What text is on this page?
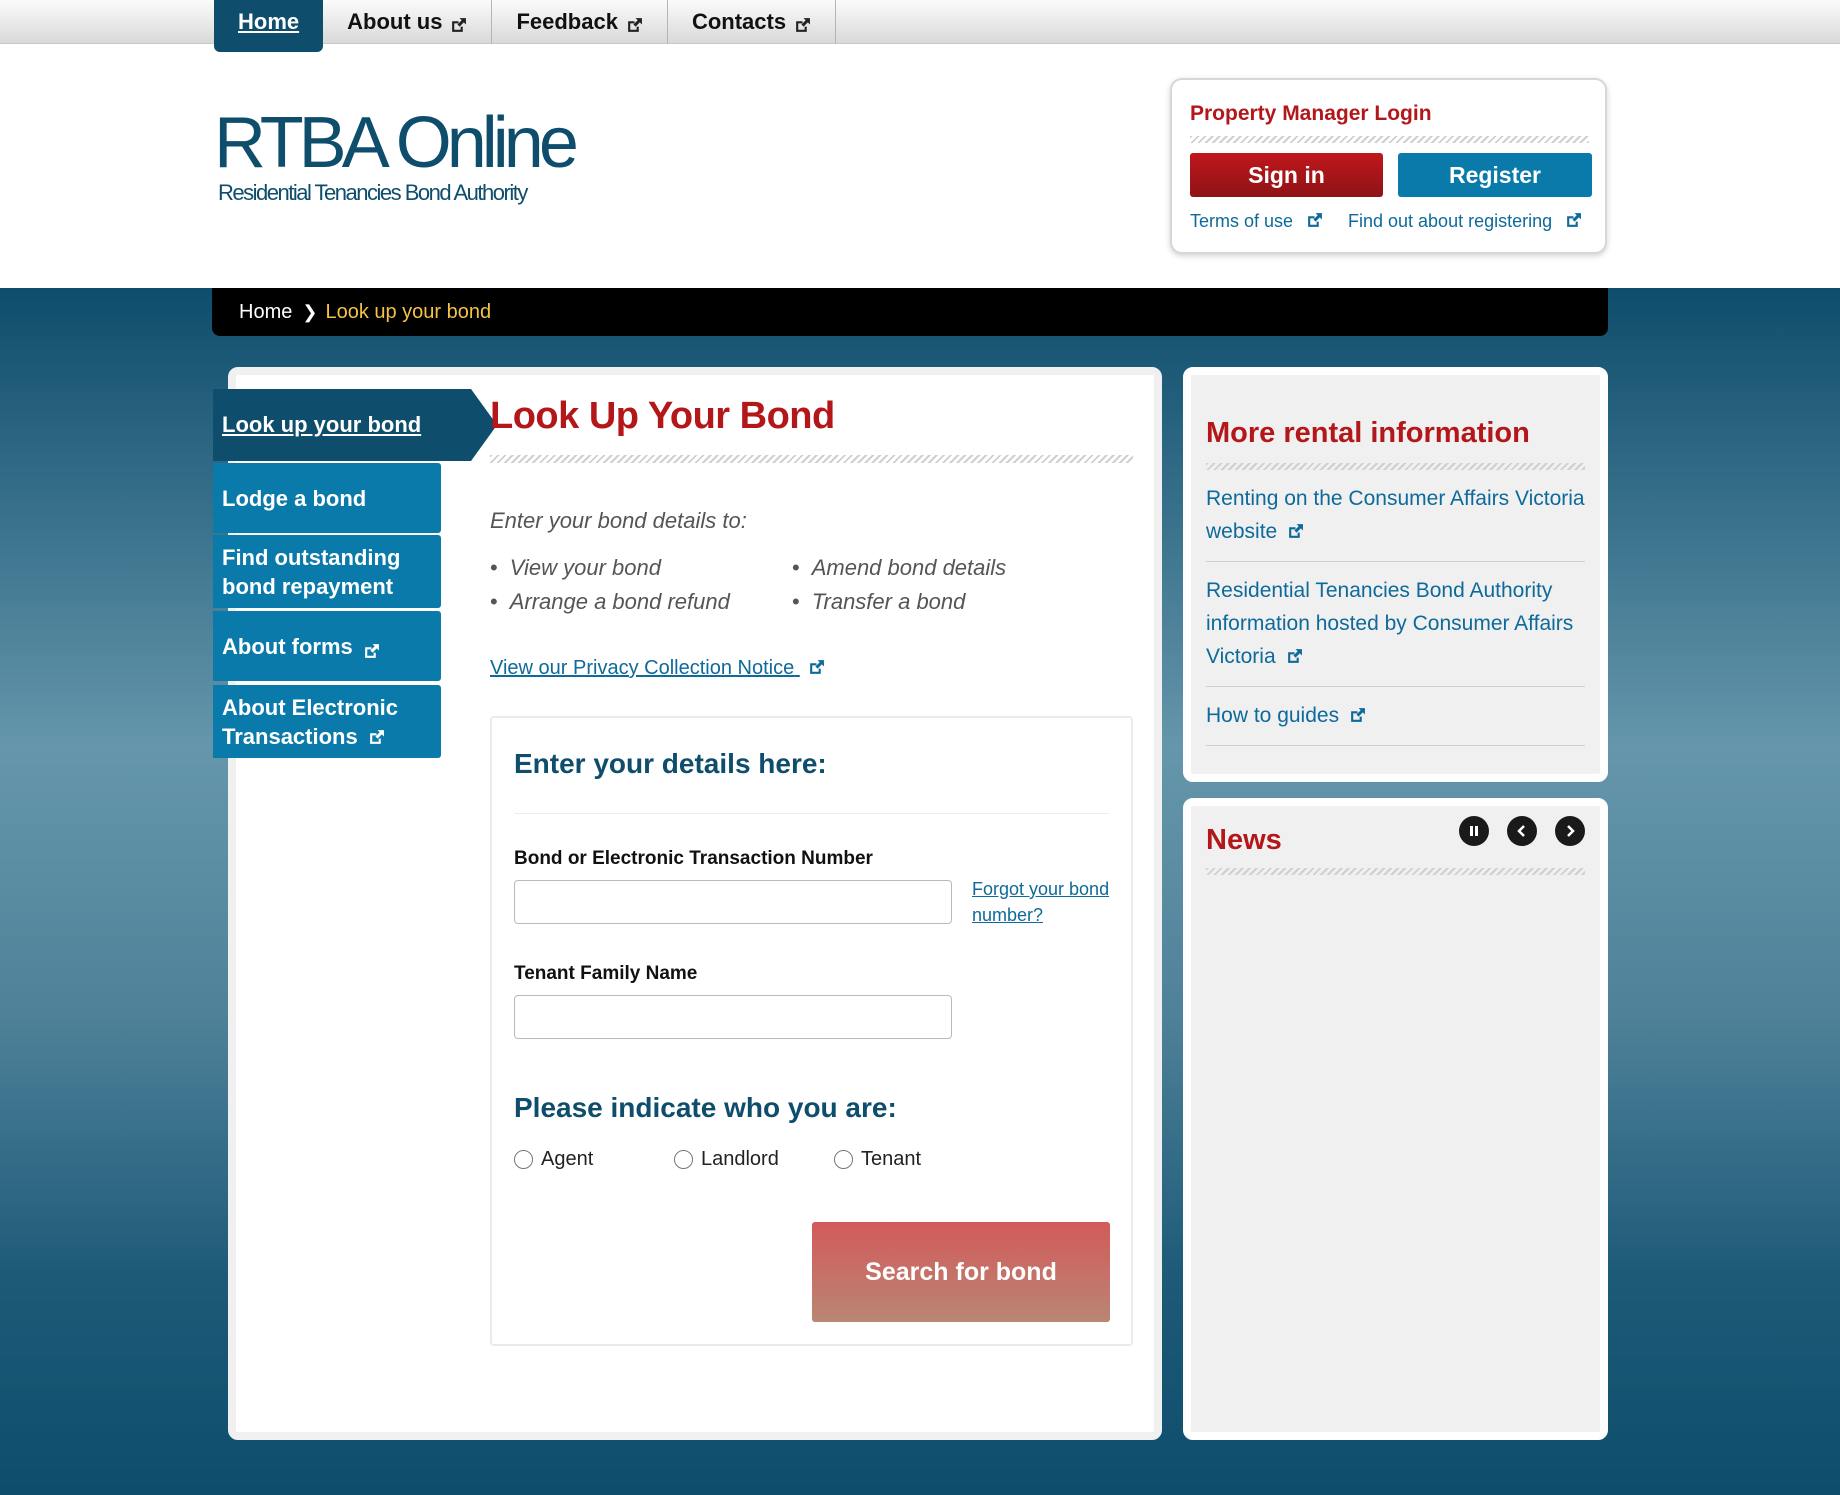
Home About us	Feedback	Contacts
RTBA Online
Residential Tenancies Bond Authority
Property Manager Login
Sign in	Register
Terms of use	Find out about registering
Home ❯ Look up your bond
Look up your bond
Lodge a bond
Find outstanding bond repayment
About forms
About Electronic Transactions
Look Up Your Bond
Enter your bond details to:
• View your bond
• Arrange a bond refund
• Amend bond details
• Transfer a bond
View our Privacy Collection Notice
Enter your details here:
Bond or Electronic Transaction Number
Forgot your bond number?
Tenant Family Name
Please indicate who you are:
Agent	Landlord	Tenant
Search for bond
More rental information
Renting on the Consumer Affairs Victoria website
Residential Tenancies Bond Authority information hosted by Consumer Affairs Victoria
How to guides
News
